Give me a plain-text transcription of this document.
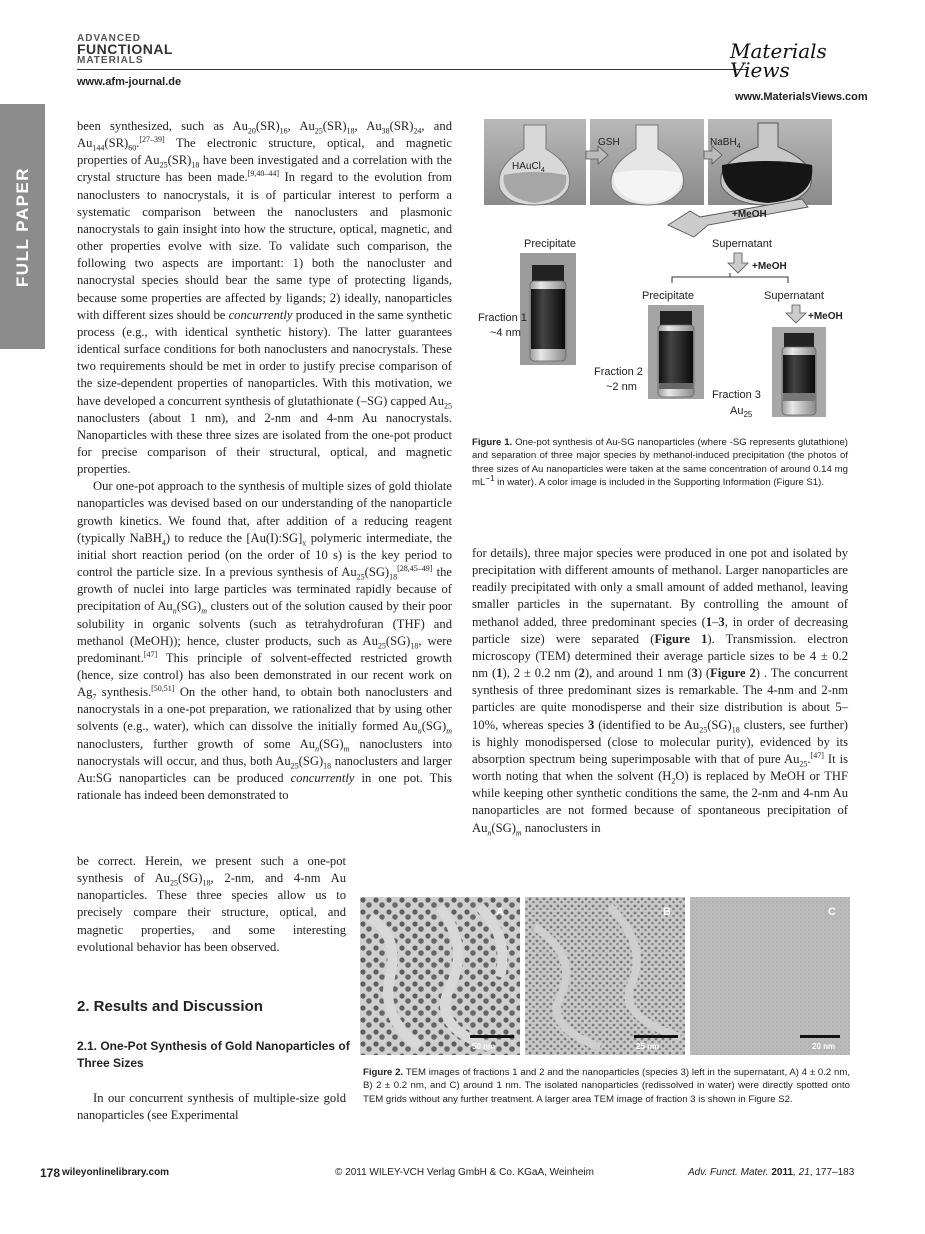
ADVANCED
FUNCTIONAL
MATERIALS
www.afm-journal.de
Materials Views
www.MaterialsViews.com
FULL PAPER

been synthesized, such as $Au_{20}(SR)_{16}$, $Au_{25}(SR)_{18}$, $Au_{38}(SR)_{24}$, and $Au_{144}(SR)_{60}.[27-39]$ The electronic structure, optical, and magnetic properties of $Au_{25}(SR)_{18}$ have been investigated and a correlation with the crystal structure has been made.[9,40–44] In regard to the evolution from nanoclusters to nanocrystals, it is of particular interest to perform a systematic comparison between the nanoclusters and plasmonic nanocrystals to gain insight into how the structure, optical, magnetic, and other properties evolve with size. To validate such comparison, the following two aspects are important: 1) both the nanocluster and nanocrystal species should bear the same type of protecting ligands, because some properties are affected by ligands; 2) ideally, nanoparticles with different sizes should be concurrently produced in the same synthetic process (e.g., with identical synthetic history). The latter guarantees identical surface conditions for both nanoclusters and nanocrystals. These two requirements should be met in order to justify precise comparison of the size-dependent properties of nanoparticles. With this motivation, we have developed a concurrent synthesis of glutathionate (–SG) capped $Au_{25}$ nanoclusters (about 1 nm), and 2-nm and 4-nm Au nanocrystals. Nanoparticles with these three sizes are isolated from the one-pot product for precise comparison of their structural, optical, and magnetic properties.

Our one-pot approach to the synthesis of multiple sizes of gold thiolate nanoparticles was devised based on our understanding of the nanoparticle growth kinetics. We found that, after addition of a reducing reagent (typically NaBH$_4$) to reduce the $[Au(I):SG]_x$ polymeric intermediate, the initial short reaction period (on the order of 10 s) is the key period to control the particle size. In a previous synthesis of $Au_{25}(SG)_{18}[28,45-49]$ the growth of nuclei into large particles was terminated rapidly because of precipitation of $Au_n(SG)_m$ clusters out of the solution caused by their poor solubility in organic solvents (such as tetrahydrofuran (THF) and methanol (MeOH)); hence, cluster products, such as $Au_{25}(SG)_{18}$, were predominant.[47] This principle of solvent-effected restricted growth (hence, size control) has also been demonstrated in our recent work on $Ag_7$ synthesis.[50,51] On the other hand, to obtain both nanoclusters and nanocrystals in a one-pot preparation, we rationalized that by using other solvents (e.g., water), which can dissolve the initially formed $Au_n(SG)_m$ nanoclusters, further growth of some $Au_n(SG)_m$ nanoclusters into nanocrystals will occur, and thus, both $Au_{25}(SG)_{18}$ nanoclusters and larger Au:SG nanoparticles can be produced concurrently in one pot. This rationale has indeed been demonstrated to

be correct. Herein, we present such a one-pot synthesis of $Au_{25}(SG)_{18}$, 2-nm, and 4-nm Au nanoparticles. These three species allow us to precisely compare their structure, optical, and magnetic properties, and some interesting evolutional behavior has been observed.

2. Results and Discussion
2.1. One-Pot Synthesis of Gold Nanoparticles of Three Sizes

In our concurrent synthesis of multiple-size gold nanoparticles (see Experimental

for details), three major species were produced in one pot and isolated by precipitation with different amounts of methanol. Larger nanoparticles are readily precipitated with only a small amount of added methanol, leaving smaller particles in the supernatant. By controlling the amount of methanol added, three predominant species (1–3, in order of decreasing particle size) were separated (Figure 1). Transmission. electron microscopy (TEM) determined their average particle sizes to be 4 ± 0.2 nm (1), 2 ± 0.2 nm (2), and around 1 nm (3) (Figure 2) . The concurrent synthesis of three predominant sizes is remarkable. The 4-nm and 2-nm particles are quite monodisperse and their size distribution is about 5–10%, whereas species 3 (identified to be $Au_{25}(SG)_{18}$ clusters, see further) is highly monodispersed (close to molecular purity), evidenced by its absorption spectrum being superimposable with that of pure $Au_{25}.[47]$ It is worth noting that when the solvent $(H_2O)$ is replaced by MeOH or THF while keeping other synthetic conditions the same, the 2-nm and 4-nm Au nanoparticles are not formed because of spontaneous precipitation of $Au_n(SG)_m$ nanoclusters in

HAuCl$_4$
GSH	NaBH$_4$
+MeOH
Precipitate	Supernatant
+MeOH
Precipitate	Supernatant
+MeOH
Fraction 1
~4 nm
Fraction 2
~2 nm
Fraction 3
$Au_{25}$
Figure 1. One-pot synthesis of Au-SG nanoparticles (where -SG represents glutathione) and separation of three major species by methanol-induced precipitation (the photos of three sizes of Au nanoparticles were taken at the same concentration of around 0.14 mg $mL^{-1}$ in water). A color image is included in the Supporting Information (Figure S1).
50 nm
A
25 nm
B
20 nm
C
Figure 2. TEM images of fractions 1 and 2 and the nanoparticles (species 3) left in the supernatant, A) 4 ± 0.2 nm, B) 2 ± 0.2 nm, and C) around 1 nm. The isolated nanoparticles (redissolved in water) were directly spotted onto TEM grids without any further treatment. A larger area TEM image of fraction 3 is shown in Figure S2.
178 wileyonlinelibrary.com	© 2011 WILEY-VCH Verlag GmbH & Co. KGaA, Weinheim	Adv. Funct. Mater. 2011, 21, 177–183
